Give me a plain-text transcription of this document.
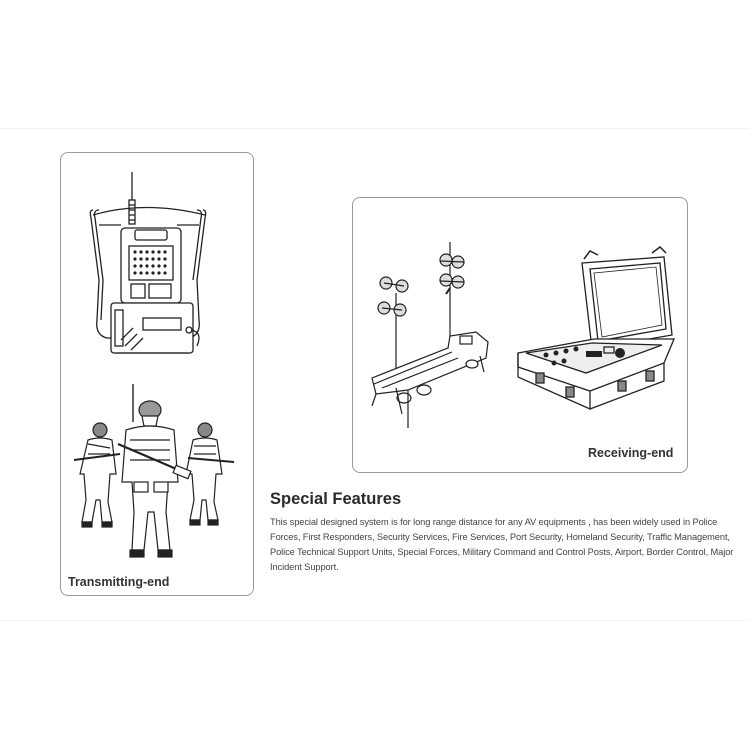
Transmitting-end
Receiving-end
Special Features

This special designed system is for long range distance for any AV equipments , has been widely used in Police Forces, First Responders, Security Services, Fire Services, Port Security, Homeland Security, Traffic Management, Police Technical Support Units, Special Forces, Military Command and Control Posts, Airport, Border Control, Major Incident Support.
